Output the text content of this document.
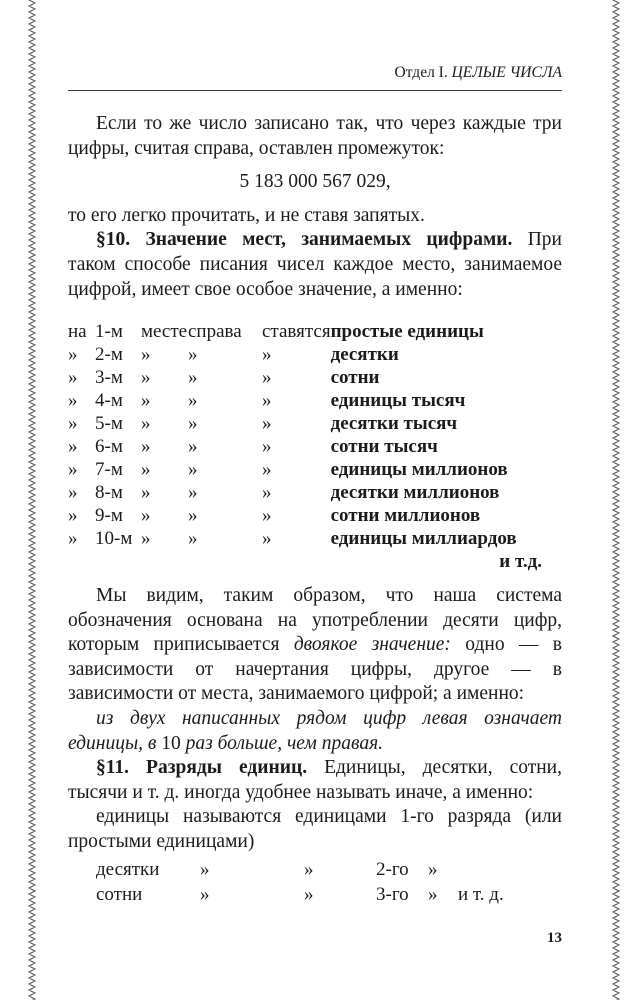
Отдел I. ЦЕЛЫЕ ЧИСЛА

Если то же число записано так, что через каждые три цифры, считая справа, оставлен промежуток:

5 183 000 567 029,

то его легко прочитать, и не ставя запятых.

§10. Значение мест, занимаемых цифрами. При таком способе писания чисел каждое место, занимаемое цифрой, имеет свое особое значение, а именно:

на	1-м	месте	справа	ставятся	простые единицы
»	2-м	»	»	»	десятки
»	3-м	»	»	»	сотни
»	4-м	»	»	»	единицы тысяч
»	5-м	»	»	»	десятки тысяч
»	6-м	»	»	»	сотни тысяч
»	7-м	»	»	»	единицы миллионов
»	8-м	»	»	»	десятки миллионов
»	9-м	»	»	»	сотни миллионов
»	10-м	»	»	»	единицы миллиардов
и т.д.

Мы видим, таким образом, что наша система обозначения основана на употреблении десяти цифр, которым приписывается двоякое значение: одно — в зависимости от начертания цифры, другое — в зависимости от места, занимаемого цифрой; а именно:

из двух написанных рядом цифр левая означает единицы, в 10 раз больше, чем правая.

§11. Разряды единиц. Единицы, десятки, сотни, тысячи и т. д. иногда удобнее называть иначе, а именно:

единицы называются единицами 1-го разряда (или простыми единицами)

десятки	»	»	2-го	»	
сотни	»	»	3-го	»	и т. д.
13
